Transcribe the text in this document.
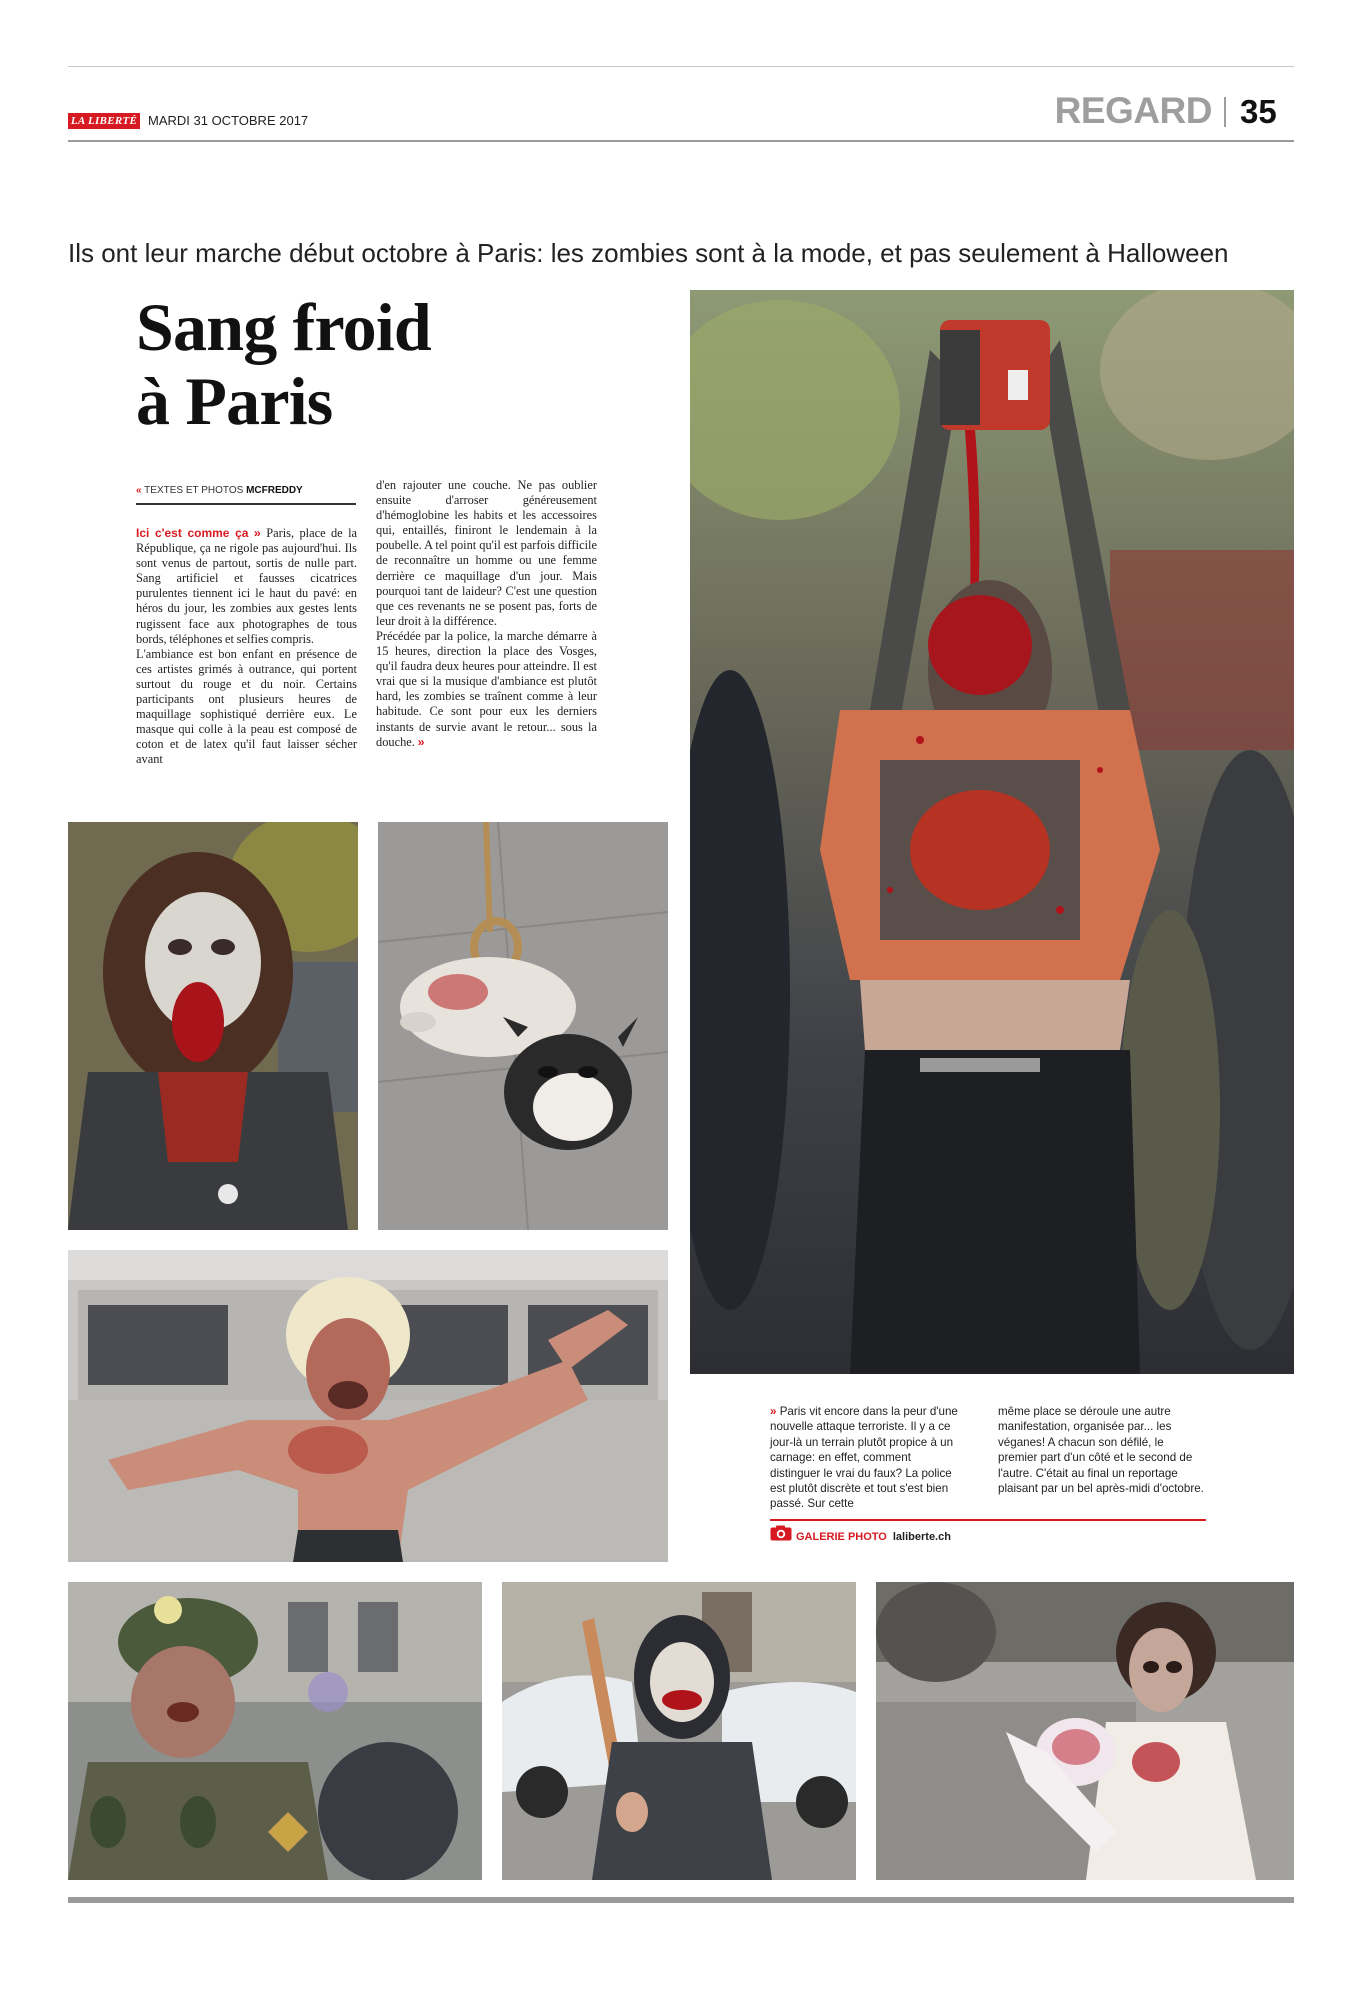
LA LIBERTÉ MARDI 31 OCTOBRE 2017	REGARD 35
Ils ont leur marche début octobre à Paris: les zombies sont à la mode, et pas seulement à Halloween
Sang froid
à Paris
« TEXTES ET PHOTOS MCFREDDY

Ici c'est comme ça » Paris, place de la République, ça ne rigole pas aujourd'hui. Ils sont venus de partout, sortis de nulle part. Sang artificiel et fausses cicatrices purulentes tiennent ici le haut du pavé: en héros du jour, les zombies aux gestes lents rugissent face aux photographes de tous bords, téléphones et selfies compris.

L'ambiance est bon enfant en présence de ces artistes grimés à outrance, qui portent surtout du rouge et du noir. Certains participants ont plusieurs heures de maquillage sophistiqué derrière eux. Le masque qui colle à la peau est composé de coton et de latex qu'il faut laisser sécher avant

d'en rajouter une couche. Ne pas oublier ensuite d'arroser généreusement d'hémoglobine les habits et les accessoires qui, entaillés, finiront le lendemain à la poubelle. A tel point qu'il est parfois difficile de reconnaître un homme ou une femme derrière ce maquillage d'un jour. Mais pourquoi tant de laideur? C'est une question que ces revenants ne se posent pas, forts de leur droit à la différence.

Précédée par la police, la marche démarre à 15 heures, direction la place des Vosges, qu'il faudra deux heures pour atteindre. Il est vrai que si la musique d'ambiance est plutôt hard, les zombies se traînent comme à leur habitude. Ce sont pour eux les derniers instants de survie avant le retour... sous la douche. »

» Paris vit encore dans la peur d'une nouvelle attaque terroriste. Il y a ce jour-là un terrain plutôt propice à un carnage: en effet, comment distinguer le vrai du faux? La police est plutôt discrète et tout s'est bien passé. Sur cette
même place se déroule une autre manifestation, organisée par... les véganes! A chacun son défilé, le premier part d'un côté et le second de l'autre. C'était au final un reportage plaisant par un bel après-midi d'octobre.
GALERIE PHOTO laliberte.ch
